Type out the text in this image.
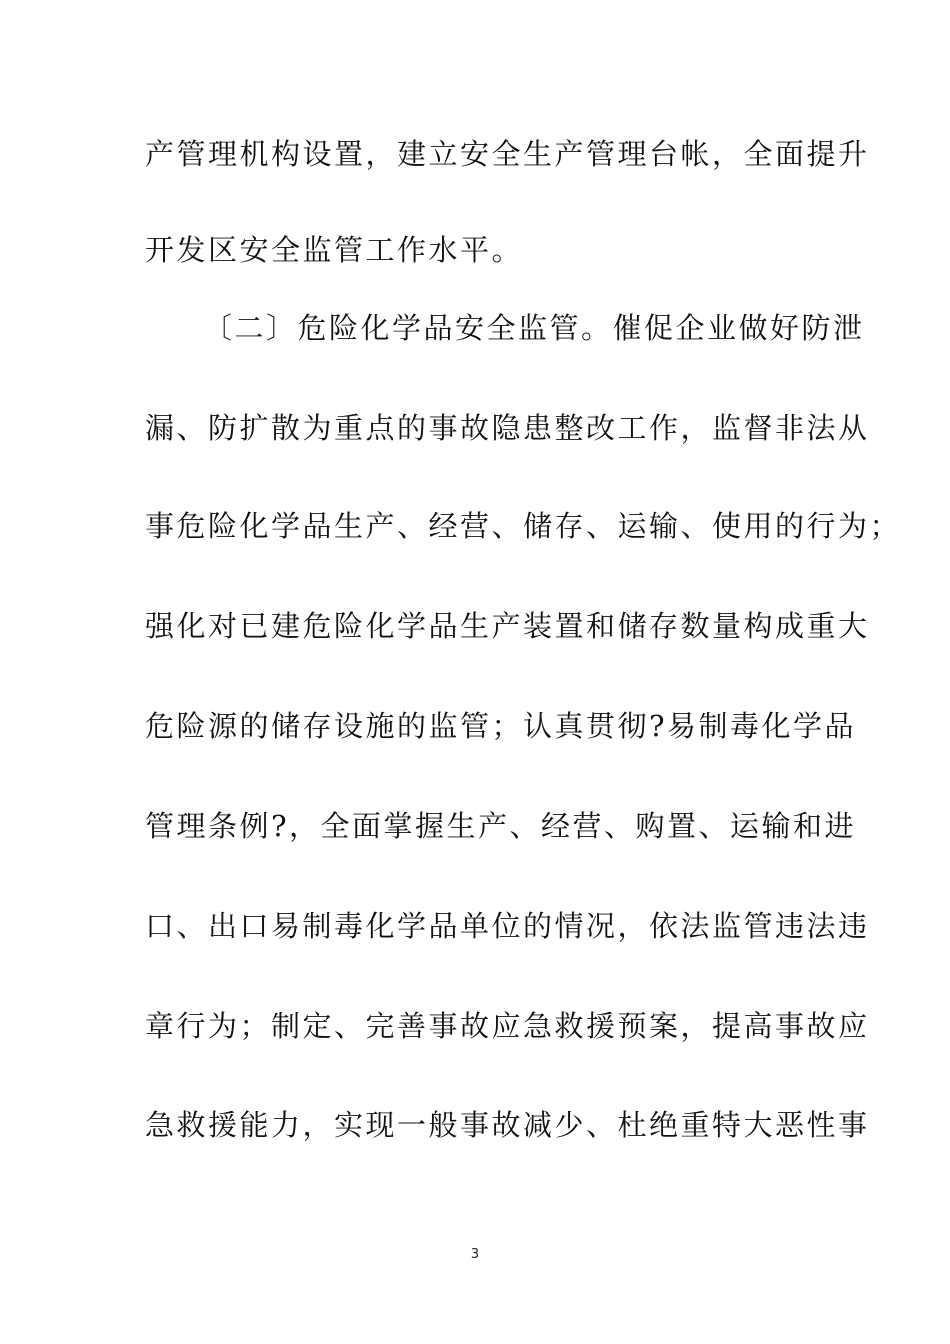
产管理机构设置，建立安全生产管理台帐，全面提升
开发区安全监管工作水平。
〔二〕危险化学品安全监管。催促企业做好防泄
漏、防扩散为重点的事故隐患整改工作，监督非法从
事危险化学品生产、经营、储存、运输、使用的行为；
强化对已建危险化学品生产装置和储存数量构成重大
危险源的储存设施的监管；认真贯彻?易制毒化学品
管理条例?，全面掌握生产、经营、购置、运输和进
口、出口易制毒化学品单位的情况，依法监管违法违
章行为；制定、完善事故应急救援预案，提高事故应
急救援能力，实现一般事故减少、杜绝重特大恶性事
3
